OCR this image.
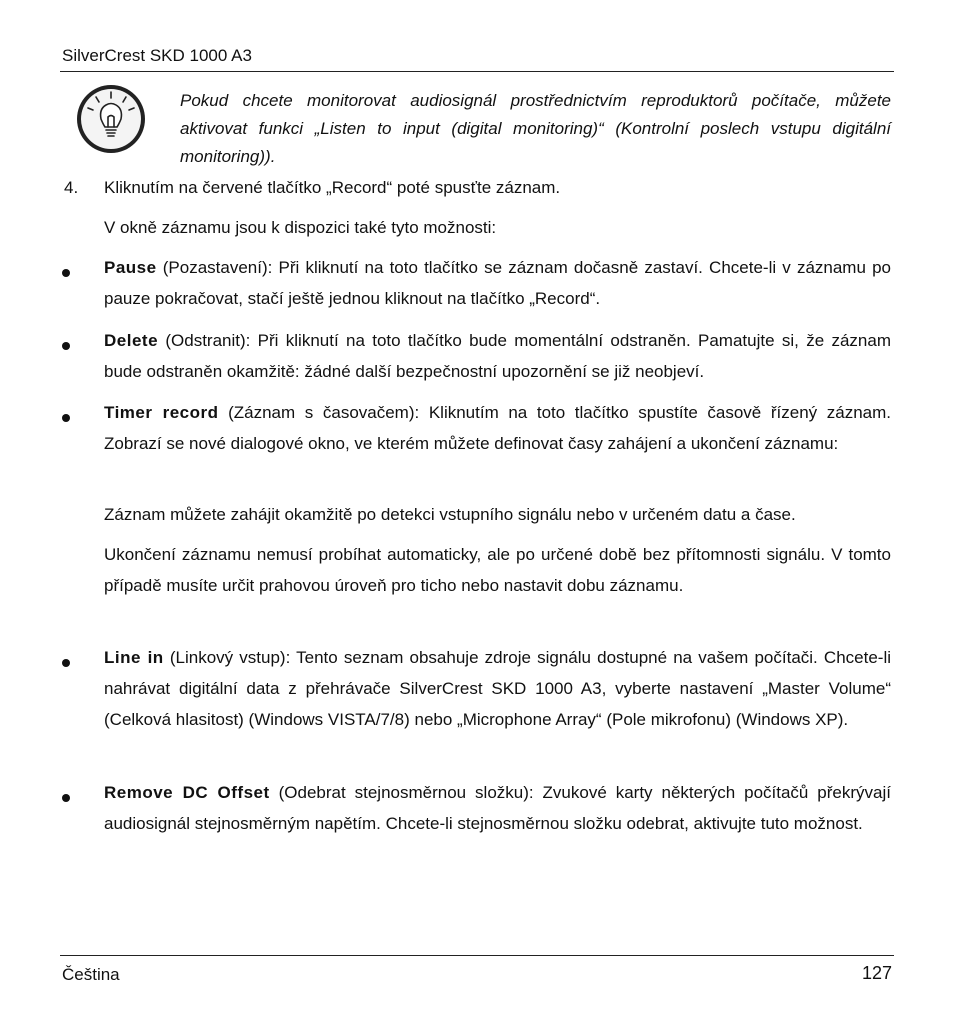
SilverCrest SKD 1000 A3
Pokud chcete monitorovat audiosignál prostřednictvím reproduktorů počítače, můžete aktivovat funkci „Listen to input (digital monitoring)“ (Kontrolní poslech vstupu digitální monitoring)).
4. Kliknutím na červené tlačítko „Record“ poté spusťte záznam.
V okně záznamu jsou k dispozici také tyto možnosti:
Pause (Pozastavení): Při kliknutí na toto tlačítko se záznam dočasně zastaví. Chcete-li v záznamu po pauze pokračovat, stačí ještě jednou kliknout na tlačítko „Record“.
Delete (Odstranit): Při kliknutí na toto tlačítko bude momentální odstraněn. Pamatujte si, že záznam bude odstraněn okamžitě: žádné další bezpečnostní upozornění se již neobjeví.
Timer record (Záznam s časovačem): Kliknutím na toto tlačítko spustíte časově řízený záznam. Zobrazí se nové dialogové okno, ve kterém můžete definovat časy zahájení a ukončení záznamu:
Záznam můžete zahájit okamžitě po detekci vstupního signálu nebo v určeném datu a čase.
Ukončení záznamu nemusí probíhat automaticky, ale po určené době bez přítomnosti signálu. V tomto případě musíte určit prahovou úroveň pro ticho nebo nastavit dobu záznamu.
Line in (Linkový vstup): Tento seznam obsahuje zdroje signálu dostupné na vašem počítači. Chcete-li nahrávat digitální data z přehrávače SilverCrest SKD 1000 A3, vyberte nastavení „Master Volume“ (Celková hlasitost) (Windows VISTA/7/8) nebo „Microphone Array“ (Pole mikrofonu) (Windows XP).
Remove DC Offset (Odebrat stejnosměrnou složku): Zvukové karty některých počítačů překrývají audiosignál stejnosměrným napětím. Chcete-li stejnosměrnou složku odebrat, aktivujte tuto možnost.
Čeština	127
